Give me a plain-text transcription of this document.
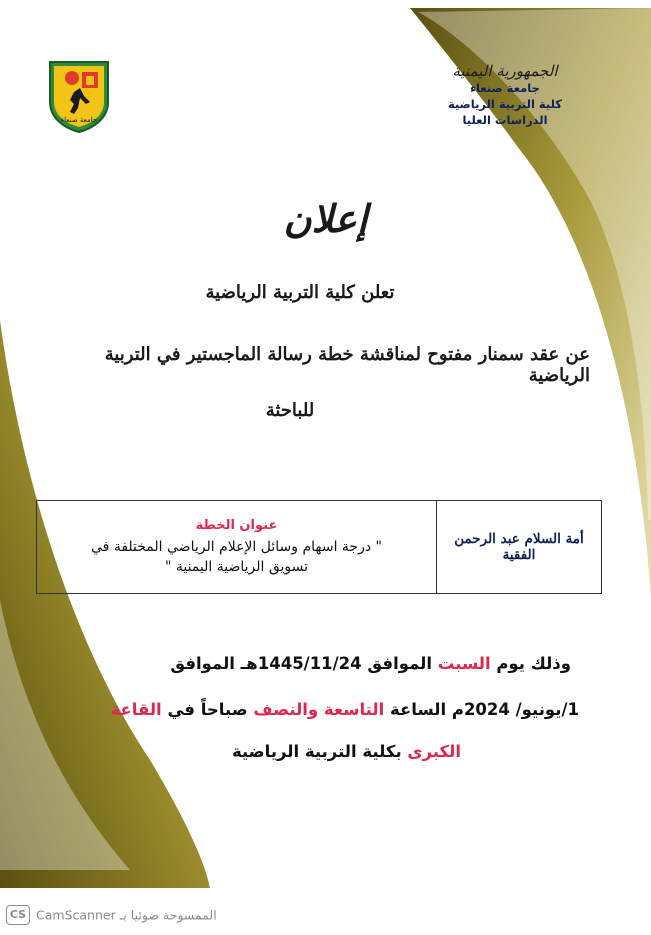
جامعة صنعاء
الجمهورية اليمنية
جامعة صنعاء
كلية التربية الرياضية
الدراسات العليا
إعلان
تعلن كلية التربية الرياضية
عن عقد سمنار مفتوح لمناقشة خطة رسالة الماجستير في التربية الرياضية
للباحثة
أمة السلام عبد الرحمن الفقية	
عنوان الخطة
" درجة اسهام وسائل الإعلام الرياضي المختلفة في
تسويق الرياضية اليمنية "
وذلك يوم السبت الموافق 1445/11/24هـ الموافق
1/يونيو/ 2024م الساعة التاسعة والنصف صباحاً في القاعة
الكبرى بكلية التربية الرياضية
CS CamScanner الممسوحة ضوئيا بـ
